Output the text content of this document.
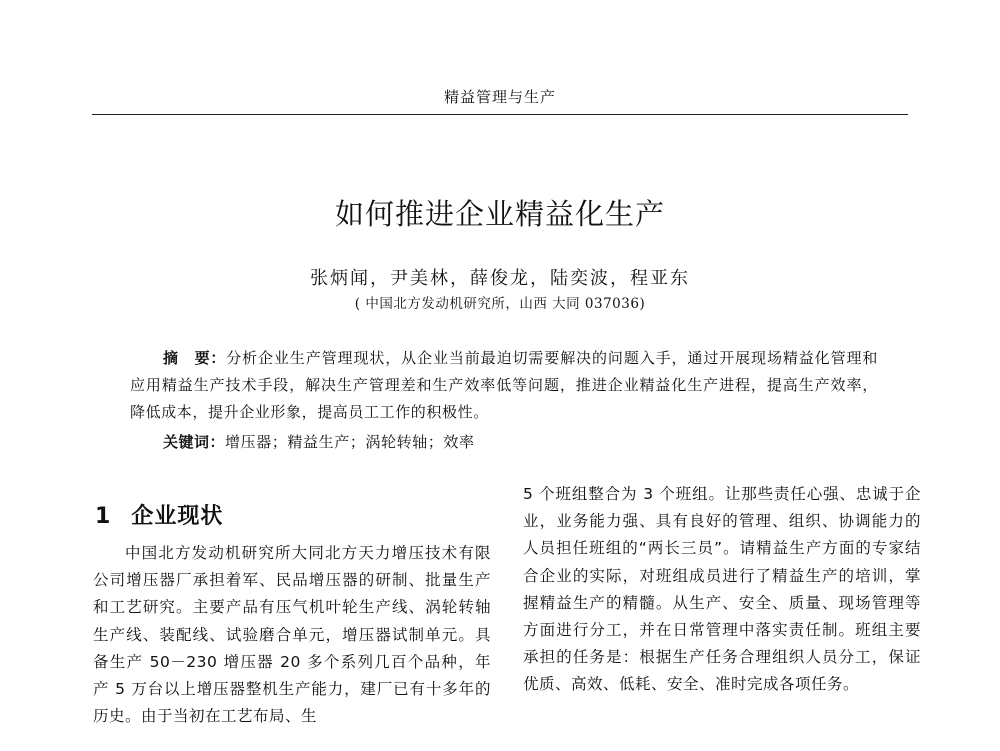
精益管理与生产
如何推进企业精益化生产
张炳闻，尹美林，薛俊龙，陆奕波，程亚东
( 中国北方发动机研究所，山西 大同 037036)

摘　要：分析企业生产管理现状，从企业当前最迫切需要解决的问题入手，通过开展现场精益化管理和应用精益生产技术手段，解决生产管理差和生产效率低等问题，推进企业精益化生产进程，提高生产效率，降低成本，提升企业形象，提高员工工作的积极性。

关键词：增压器；精益生产；涡轮转轴；效率
1 企业现状

中国北方发动机研究所大同北方天力增压技术有限公司增压器厂承担着军、民品增压器的研制、批量生产和工艺研究。主要产品有压气机叶轮生产线、涡轮转轴生产线、装配线、试验磨合单元，增压器试制单元。具备生产 50－230 增压器 20 多个系列几百个品种，年产 5 万台以上增压器整机生产能力，建厂已有十多年的历史。由于当初在工艺布局、生

5 个班组整合为 3 个班组。让那些责任心强、忠诚于企业，业务能力强、具有良好的管理、组织、协调能力的人员担任班组的“两长三员”。请精益生产方面的专家结合企业的实际，对班组成员进行了精益生产的培训，掌握精益生产的精髓。从生产、安全、质量、现场管理等方面进行分工，并在日常管理中落实责任制。班组主要承担的任务是：根据生产任务合理组织人员分工，保证优质、高效、低耗、安全、准时完成各项任务。
